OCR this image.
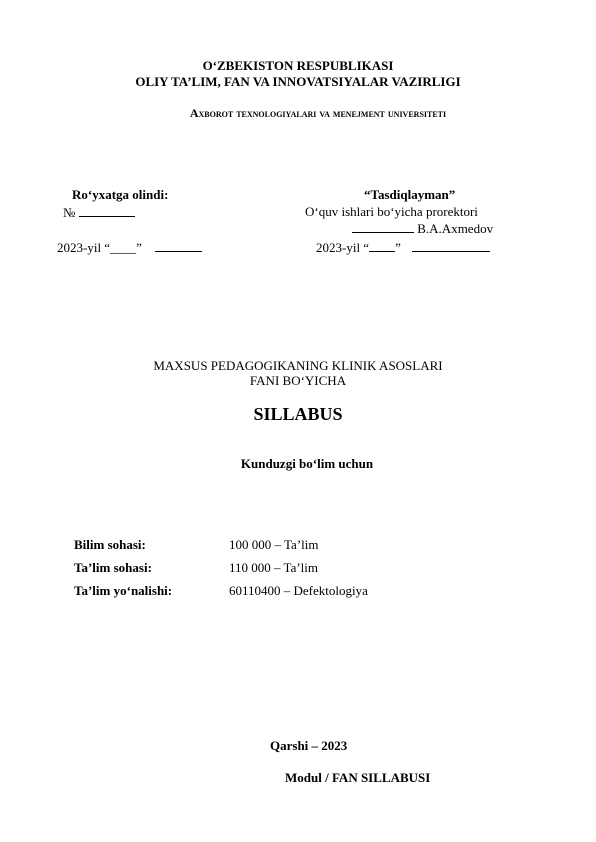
O‘ZBEKISTON RESPUBLIKASI
OLIY TA’LIM, FAN VA INNOVATSIYALAR VAZIRLIGI
Axborot texnologiyalari va menejment universiteti
Ro‘yxatga olindi:
№
2023-yil “____”
“Tasdiqlayman”
O‘quv ishlari bo‘yicha prorektori
B.A.Axmedov
2023-yil “ ”
MAXSUS PEDAGOGIKANING KLINIK ASOSLARI
FANI BO‘YICHA
SILLABUS
Kunduzgi bo‘lim uchun
Bilim sohasi:	100 000 – Ta’lim
Ta’lim sohasi:	110 000 – Ta’lim
Ta’lim yo‘nalishi:	60110400 – Defektologiya
Qarshi – 2023
Modul / FAN SILLABUSI
